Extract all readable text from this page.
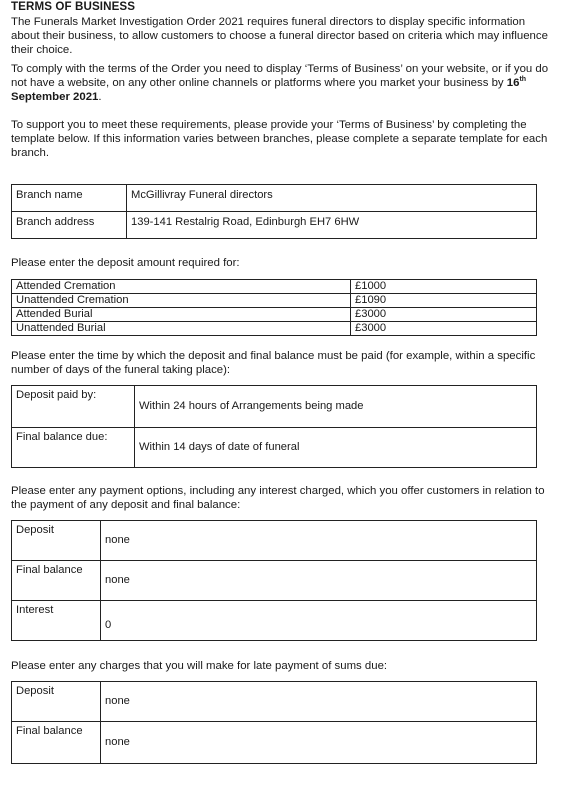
TERMS OF BUSINESS
The Funerals Market Investigation Order 2021 requires funeral directors to display specific information about their business, to allow customers to choose a funeral director based on criteria which may influence their choice.
To comply with the terms of the Order you need to display ‘Terms of Business’ on your website, or if you do not have a website, on any other online channels or platforms where you market your business by 16th September 2021.
To support you to meet these requirements, please provide your ‘Terms of Business’ by completing the template below. If this information varies between branches, please complete a separate template for each branch.
Branch name	McGillivray Funeral directors
Branch address	139-141 Restalrig Road, Edinburgh EH7 6HW
Please enter the deposit amount required for:
Attended Cremation	£1000
Unattended Cremation	£1090
Attended Burial	£3000
Unattended Burial	£3000
Please enter the time by which the deposit and final balance must be paid (for example, within a specific number of days of the funeral taking place):
Deposit paid by:	Within 24 hours of Arrangements being made
Final balance due:	Within 14 days of date of funeral
Please enter any payment options, including any interest charged, which you offer customers in relation to the payment of any deposit and final balance:
Deposit	none
Final balance	none
Interest	0
Please enter any charges that you will make for late payment of sums due:
Deposit	none
Final balance	none
